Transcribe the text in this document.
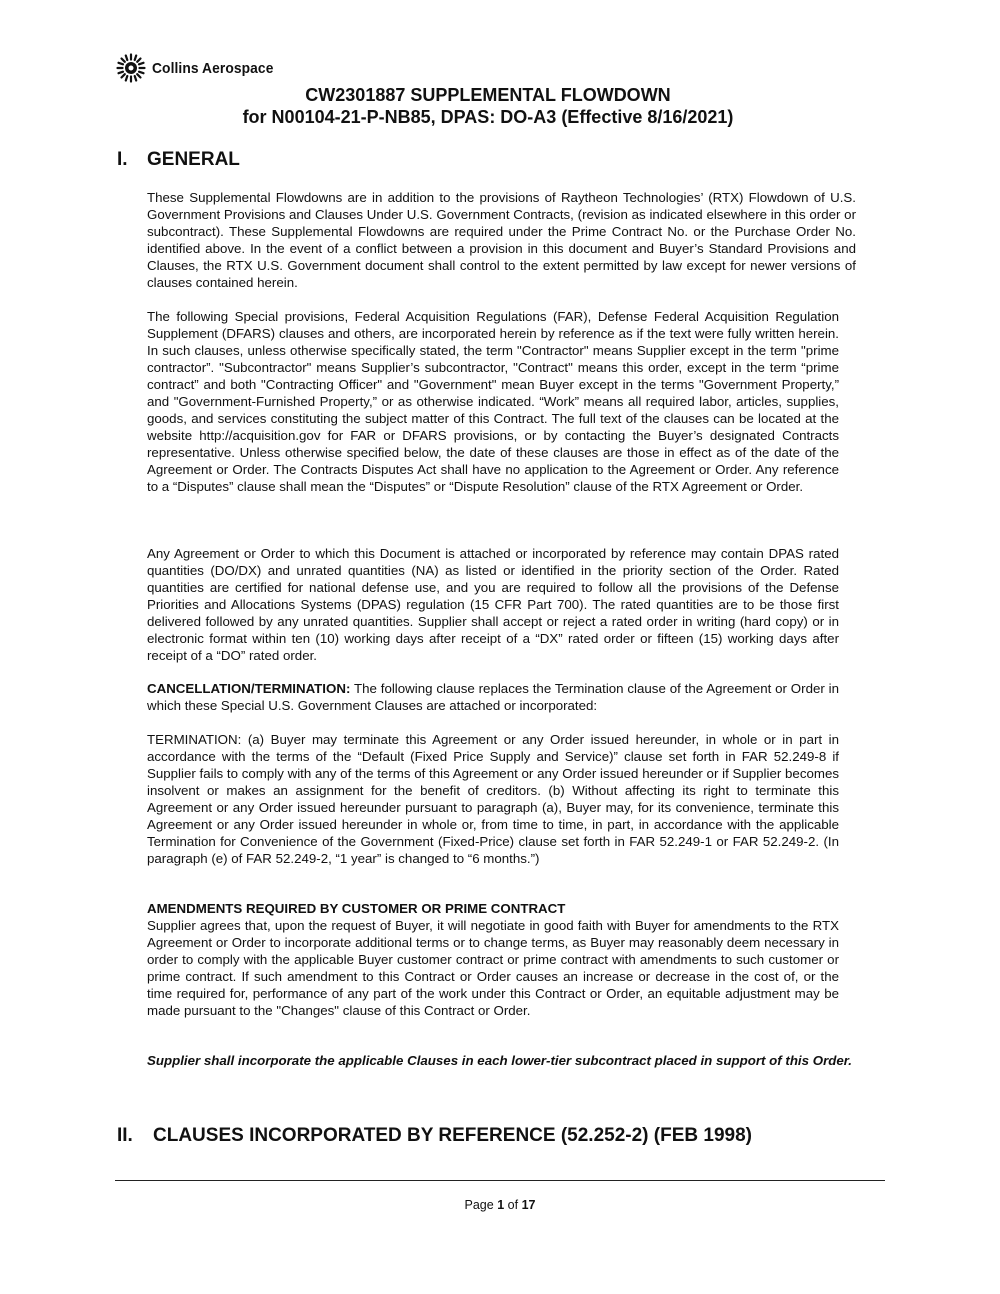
Collins Aerospace
CW2301887 SUPPLEMENTAL FLOWDOWN
for N00104-21-P-NB85, DPAS: DO-A3 (Effective 8/16/2021)
I. GENERAL

These Supplemental Flowdowns are in addition to the provisions of Raytheon Technologies’ (RTX) Flowdown of U.S. Government Provisions and Clauses Under U.S. Government Contracts, (revision as indicated elsewhere in this order or subcontract). These Supplemental Flowdowns are required under the Prime Contract No. or the Purchase Order No. identified above. In the event of a conflict between a provision in this document and Buyer’s Standard Provisions and Clauses, the RTX U.S. Government document shall control to the extent permitted by law except for newer versions of clauses contained herein.

The following Special provisions, Federal Acquisition Regulations (FAR), Defense Federal Acquisition Regulation Supplement (DFARS) clauses and others, are incorporated herein by reference as if the text were fully written herein. In such clauses, unless otherwise specifically stated, the term "Contractor" means Supplier except in the term "prime contractor”. "Subcontractor" means Supplier’s subcontractor, "Contract" means this order, except in the term “prime contract” and both "Contracting Officer" and "Government" mean Buyer except in the terms "Government Property,” and "Government-Furnished Property,” or as otherwise indicated. “Work” means all required labor, articles, supplies, goods, and services constituting the subject matter of this Contract. The full text of the clauses can be located at the website http://acquisition.gov for FAR or DFARS provisions, or by contacting the Buyer’s designated Contracts representative. Unless otherwise specified below, the date of these clauses are those in effect as of the date of the Agreement or Order. The Contracts Disputes Act shall have no application to the Agreement or Order. Any reference to a “Disputes” clause shall mean the “Disputes” or “Dispute Resolution” clause of the RTX Agreement or Order.

Any Agreement or Order to which this Document is attached or incorporated by reference may contain DPAS rated quantities (DO/DX) and unrated quantities (NA) as listed or identified in the priority section of the Order. Rated quantities are certified for national defense use, and you are required to follow all the provisions of the Defense Priorities and Allocations Systems (DPAS) regulation (15 CFR Part 700). The rated quantities are to be those first delivered followed by any unrated quantities. Supplier shall accept or reject a rated order in writing (hard copy) or in electronic format within ten (10) working days after receipt of a “DX” rated order or fifteen (15) working days after receipt of a “DO” rated order.

CANCELLATION/TERMINATION: The following clause replaces the Termination clause of the Agreement or Order in which these Special U.S. Government Clauses are attached or incorporated:

TERMINATION: (a) Buyer may terminate this Agreement or any Order issued hereunder, in whole or in part in accordance with the terms of the “Default (Fixed Price Supply and Service)” clause set forth in FAR 52.249-8 if Supplier fails to comply with any of the terms of this Agreement or any Order issued hereunder or if Supplier becomes insolvent or makes an assignment for the benefit of creditors. (b) Without affecting its right to terminate this Agreement or any Order issued hereunder pursuant to paragraph (a), Buyer may, for its convenience, terminate this Agreement or any Order issued hereunder in whole or, from time to time, in part, in accordance with the applicable Termination for Convenience of the Government (Fixed-Price) clause set forth in FAR 52.249-1 or FAR 52.249-2. (In paragraph (e) of FAR 52.249-2, “1 year” is changed to “6 months.”)

AMENDMENTS REQUIRED BY CUSTOMER OR PRIME CONTRACT
Supplier agrees that, upon the request of Buyer, it will negotiate in good faith with Buyer for amendments to the RTX Agreement or Order to incorporate additional terms or to change terms, as Buyer may reasonably deem necessary in order to comply with the applicable Buyer customer contract or prime contract with amendments to such customer or prime contract. If such amendment to this Contract or Order causes an increase or decrease in the cost of, or the time required for, performance of any part of the work under this Contract or Order, an equitable adjustment may be made pursuant to the "Changes" clause of this Contract or Order.

Supplier shall incorporate the applicable Clauses in each lower-tier subcontract placed in support of this Order.

II. CLAUSES INCORPORATED BY REFERENCE (52.252-2) (FEB 1998)
Page 1 of 17
